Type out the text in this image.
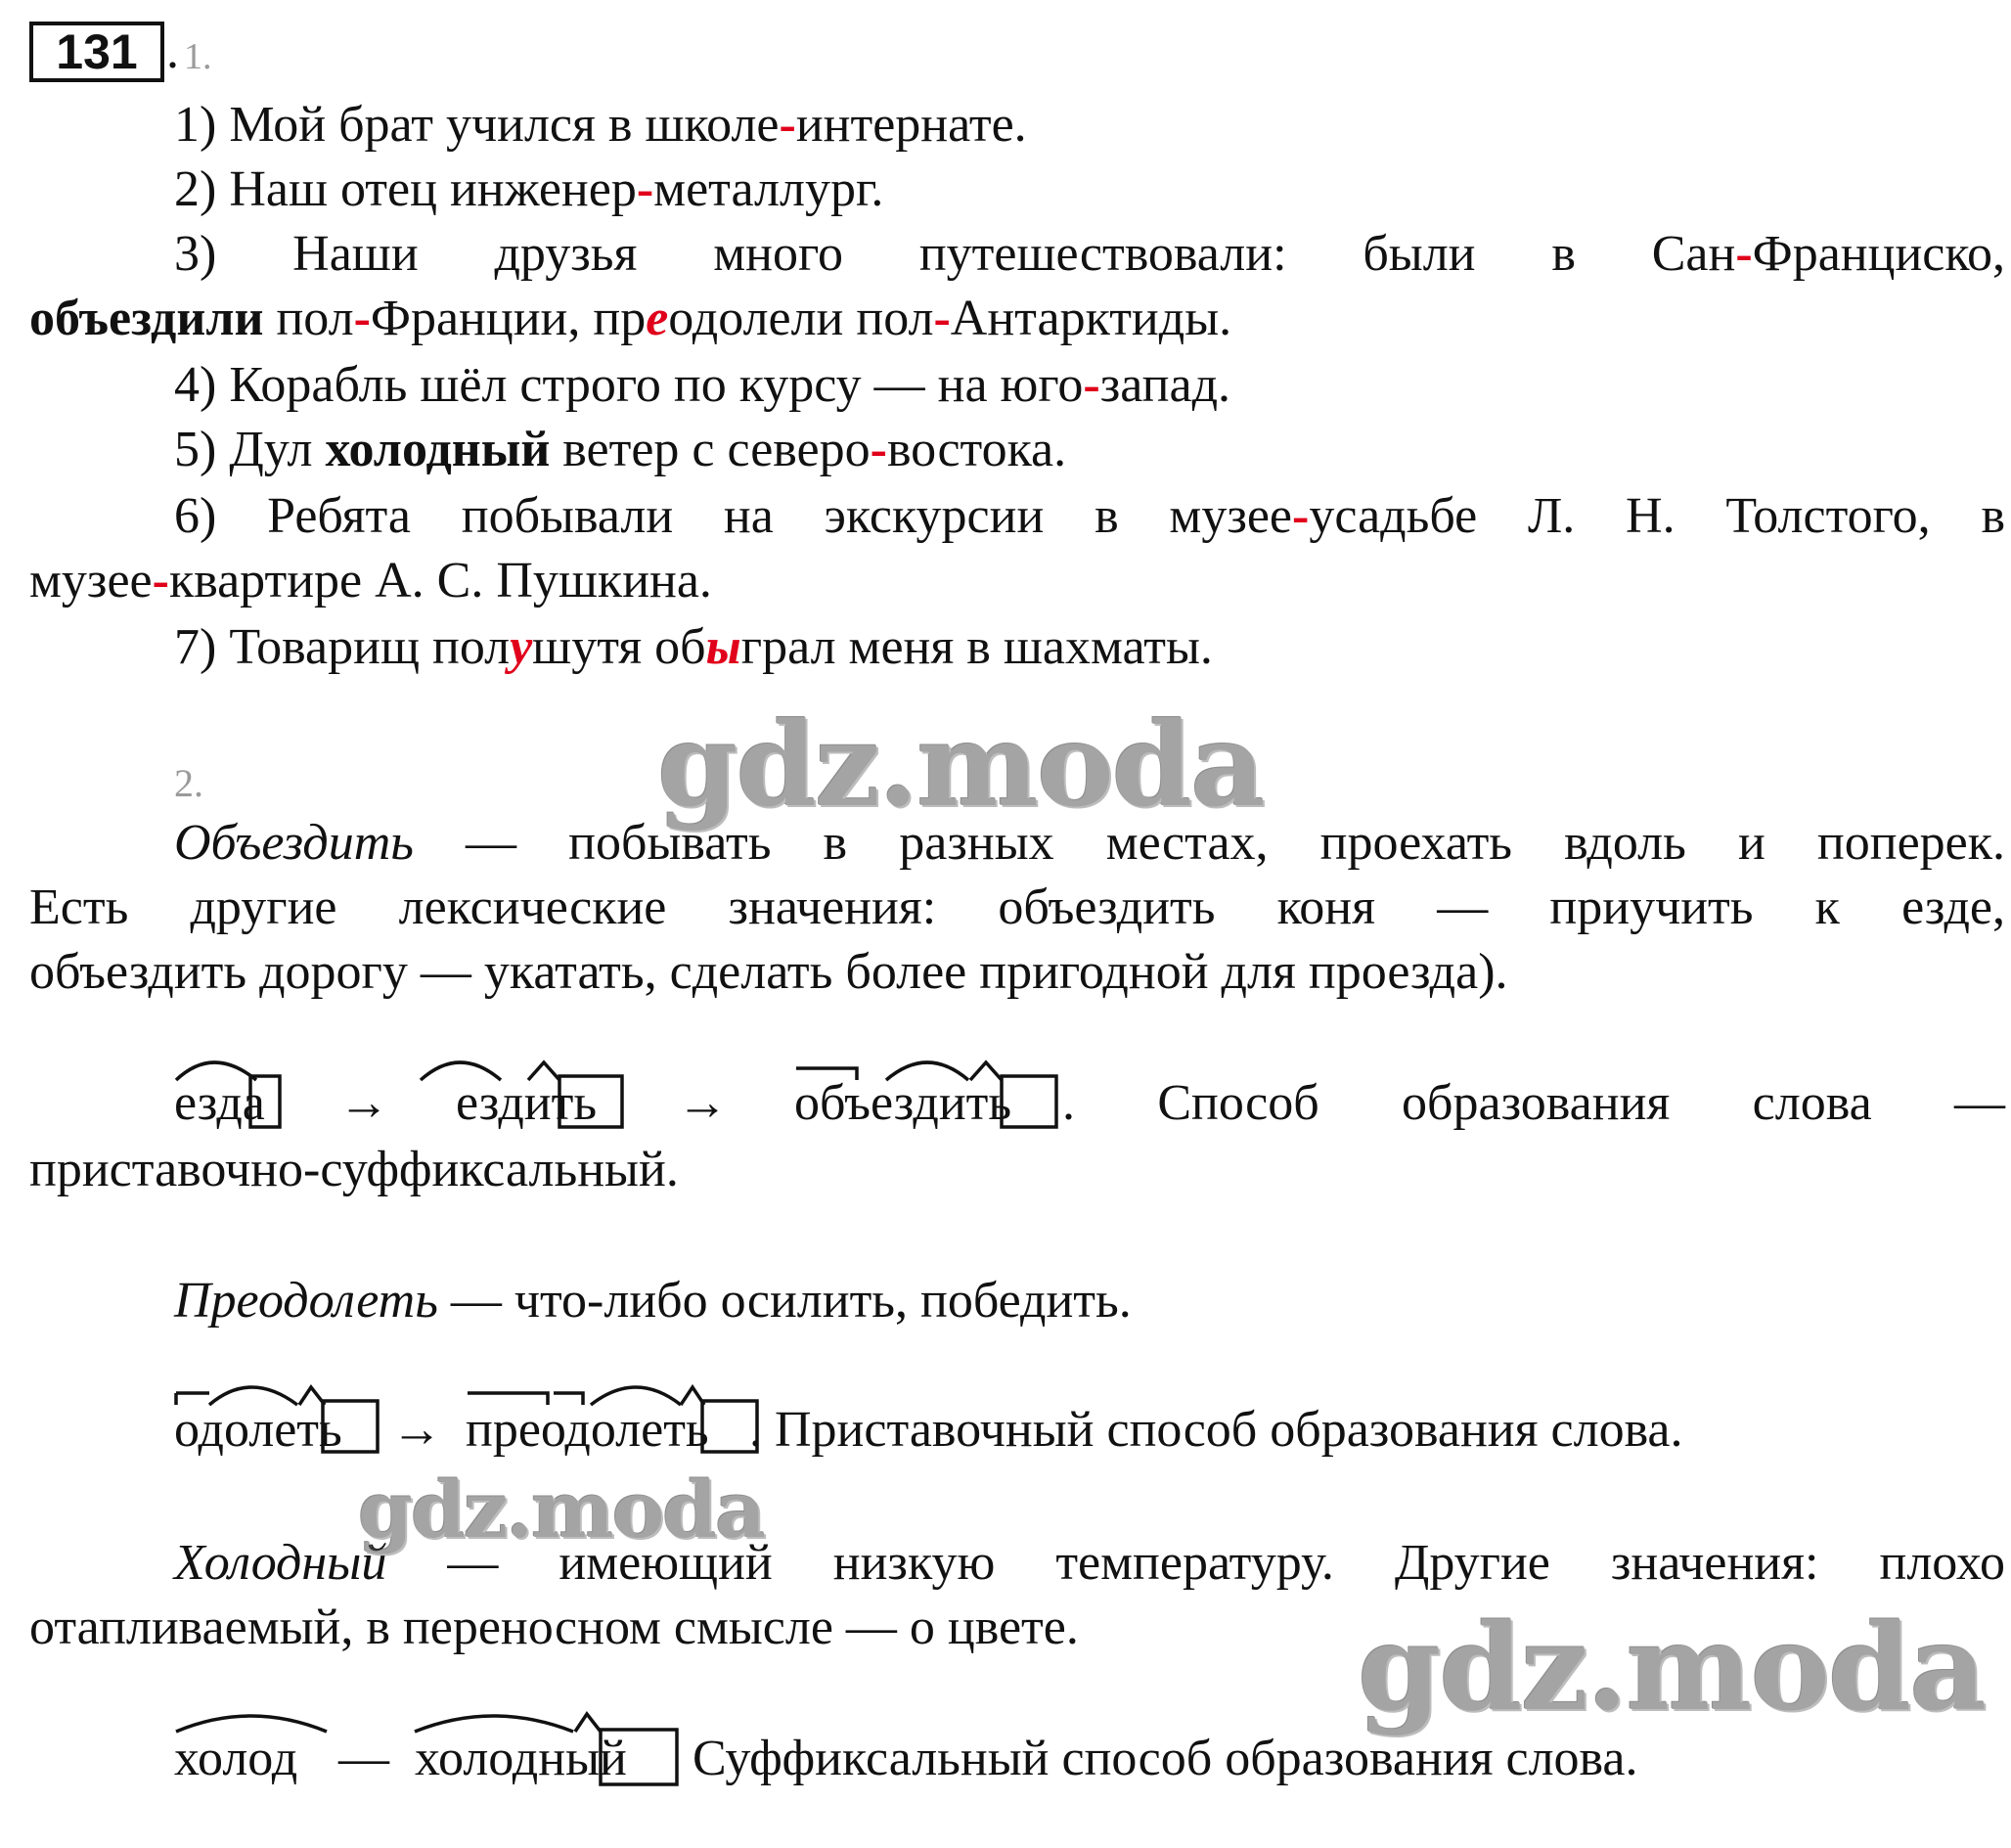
131 . 1.
1) Мой брат учился в школе-интернате.
2) Наш отец инженер-металлург.
3) Наши друзья много путешествовали: были в Сан-Франциско,
объездили пол-Франции, преодолели пол-Антарктиды.
4) Корабль шёл строго по курсу — на юго-запад.
5) Дул холодный ветер с северо-востока.
6) Ребята побывали на экскурсии в музее-усадьбе Л. Н. Толстого, в
музее-квартире А. С. Пушкина.
7) Товарищ полушутя обыграл меня в шахматы.
2.
Объездить — побывать в разных местах, проехать вдоль и поперек.
Есть другие лексические значения: объездить коня — приучить к езде,
объездить дорогу — укатать, сделать более пригодной для проезда).
езда → ездить → объездить . Способ образования слова —
приставочно-суффиксальный.
Преодолеть — что-либо осилить, победить.
одолеть → преодолеть . Приставочный способ образования слова.
Холодный — имеющий низкую температуру. Другие значения: плохо
отапливаемый, в переносном смысле — о цвете.
холод — холодный Суффиксальный способ образования слова.
gdz.moda
gdz.moda
gdz.moda
